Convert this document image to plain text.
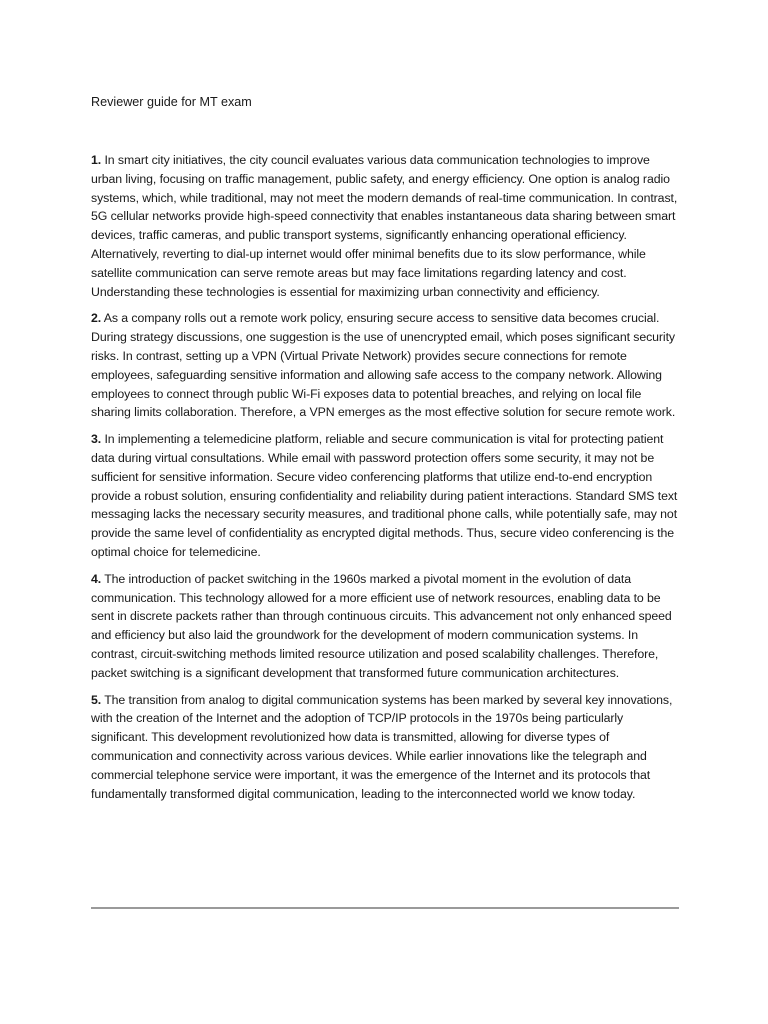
Reviewer guide for MT exam

1. In smart city initiatives, the city council evaluates various data communication technologies to improve urban living, focusing on traffic management, public safety, and energy efficiency. One option is analog radio systems, which, while traditional, may not meet the modern demands of real-time communication. In contrast, 5G cellular networks provide high-speed connectivity that enables instantaneous data sharing between smart devices, traffic cameras, and public transport systems, significantly enhancing operational efficiency. Alternatively, reverting to dial-up internet would offer minimal benefits due to its slow performance, while satellite communication can serve remote areas but may face limitations regarding latency and cost. Understanding these technologies is essential for maximizing urban connectivity and efficiency.

2. As a company rolls out a remote work policy, ensuring secure access to sensitive data becomes crucial. During strategy discussions, one suggestion is the use of unencrypted email, which poses significant security risks. In contrast, setting up a VPN (Virtual Private Network) provides secure connections for remote employees, safeguarding sensitive information and allowing safe access to the company network. Allowing employees to connect through public Wi-Fi exposes data to potential breaches, and relying on local file sharing limits collaboration. Therefore, a VPN emerges as the most effective solution for secure remote work.

3. In implementing a telemedicine platform, reliable and secure communication is vital for protecting patient data during virtual consultations. While email with password protection offers some security, it may not be sufficient for sensitive information. Secure video conferencing platforms that utilize end-to-end encryption provide a robust solution, ensuring confidentiality and reliability during patient interactions. Standard SMS text messaging lacks the necessary security measures, and traditional phone calls, while potentially safe, may not provide the same level of confidentiality as encrypted digital methods. Thus, secure video conferencing is the optimal choice for telemedicine.

4. The introduction of packet switching in the 1960s marked a pivotal moment in the evolution of data communication. This technology allowed for a more efficient use of network resources, enabling data to be sent in discrete packets rather than through continuous circuits. This advancement not only enhanced speed and efficiency but also laid the groundwork for the development of modern communication systems. In contrast, circuit-switching methods limited resource utilization and posed scalability challenges. Therefore, packet switching is a significant development that transformed future communication architectures.

5. The transition from analog to digital communication systems has been marked by several key innovations, with the creation of the Internet and the adoption of TCP/IP protocols in the 1970s being particularly significant. This development revolutionized how data is transmitted, allowing for diverse types of communication and connectivity across various devices. While earlier innovations like the telegraph and commercial telephone service were important, it was the emergence of the Internet and its protocols that fundamentally transformed digital communication, leading to the interconnected world we know today.
